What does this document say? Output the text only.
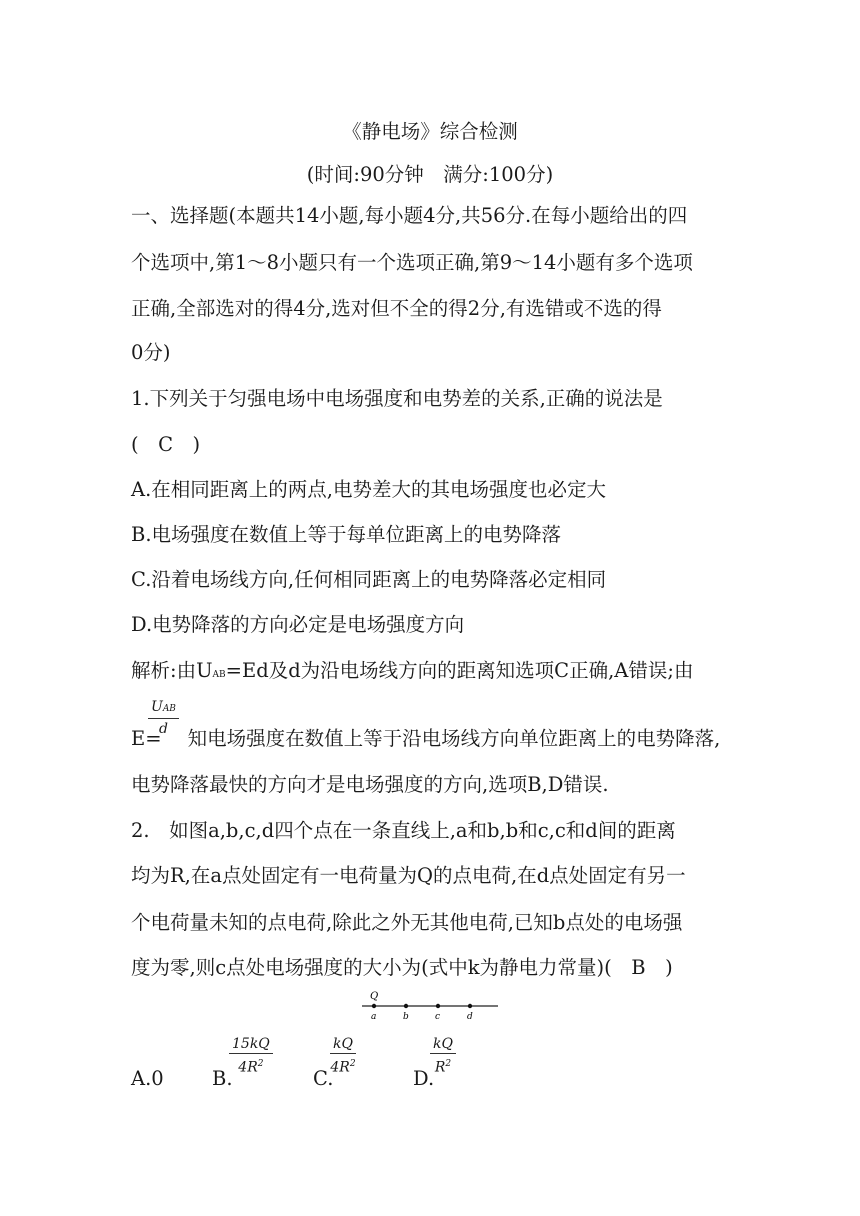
《静电场》综合检测
(时间:90分钟　满分:100分)
一、选择题(本题共14小题,每小题4分,共56分.在每小题给出的四
个选项中,第1～8小题只有一个选项正确,第9～14小题有多个选项
正确,全部选对的得4分,选对但不全的得2分,有选错或不选的得
0分)
1.下列关于匀强电场中电场强度和电势差的关系,正确的说法是
(　C　)
A.在相同距离上的两点,电势差大的其电场强度也必定大
B.电场强度在数值上等于每单位距离上的电势降落
C.沿着电场线方向,任何相同距离上的电势降落必定相同
D.电势降落的方向必定是电场强度方向
解析:由UAB=Ed及d为沿电场线方向的距离知选项C正确,A错误;由
UAB
d
E= 知电场强度在数值上等于沿电场线方向单位距离上的电势降落,
电势降落最快的方向才是电场强度的方向,选项B,D错误.
2.　如图a,b,c,d四个点在一条直线上,a和b,b和c,c和d间的距离
均为R,在a点处固定有一电荷量为Q的点电荷,在d点处固定有另一
个电荷量未知的点电荷,除此之外无其他电荷,已知b点处的电场强
度为零,则c点处电场强度的大小为(式中k为静电力常量)(　B　)
Q
a	b	c	d
A.0 B.
$\frac{15kQ}{4R^2}$
C.
$\frac{kQ}{4R^2}$
D.
$\frac{kQ}{R^2}$
